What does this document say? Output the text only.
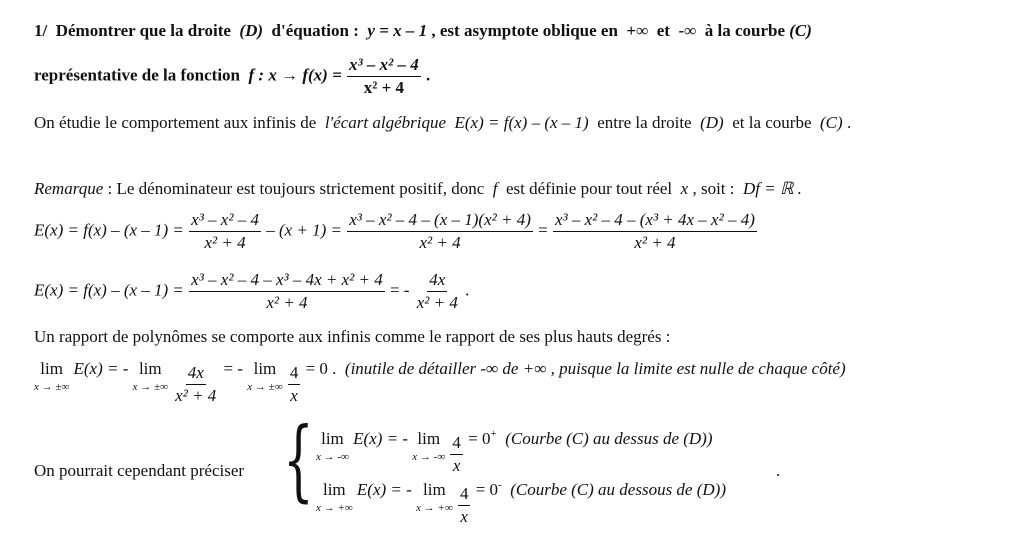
1/ Démontrer que la droite (D) d'équation : y = x – 1 , est asymptote oblique en +∞ et -∞ à la courbe (C)
représentative de la fonction f : $x \to f(x) = \frac{\text{x³ – x² – 4}}{\text{x² + 4}}$ .
On étudie le comportement aux infinis de l'écart algébrique E(x) = f(x) – (x – 1) entre la droite (D) et la courbe (C) .
Remarque : Le dénominateur est toujours strictement positif, donc f est définie pour tout réel x , soit : Df = ℝ .
$E(x) = f(x) - (x - 1) = \frac{\text{x³ – x² – 4}}{\text{x² + 4}} - (x + 1) = \frac{\text{x³ – x² – 4 – (x – 1)(x² + 4)}}{\text{x² + 4}} = \frac{\text{x³ – x² – 4 – (x³ + 4x – x² – 4)}}{\text{x² + 4}}$
$E(x) = f(x) - (x - 1) = \frac{\text{x³ – x² – 4 – x³ – 4x + x² + 4}}{\text{x² + 4}}$ = - $\frac{4x}{\text{x² + 4}}$ .
Un rapport de polynômes se comporte aux infinis comme le rapport de ses plus hauts degrés :
lim
x → ±∞
E(x) = - lim
x → ±∞
$\frac{4x}{\text{x² + 4}}$ = - lim
x → ±∞
$\frac{4}{x} = 0$ . (inutile de détailler -∞ de +∞ , puisque la limite est nulle de chaque côté)
On pourrait cependant préciser { lim
x → -∞
E(x) = - lim
x → -∞
$\frac{4}{x} = 0^+$ (Courbe (C) au dessus de (D))
lim
x → +∞
E(x) = - lim
x → +∞
$\frac{4}{x} = 0^-$ (Courbe (C) au dessous de (D))
.
